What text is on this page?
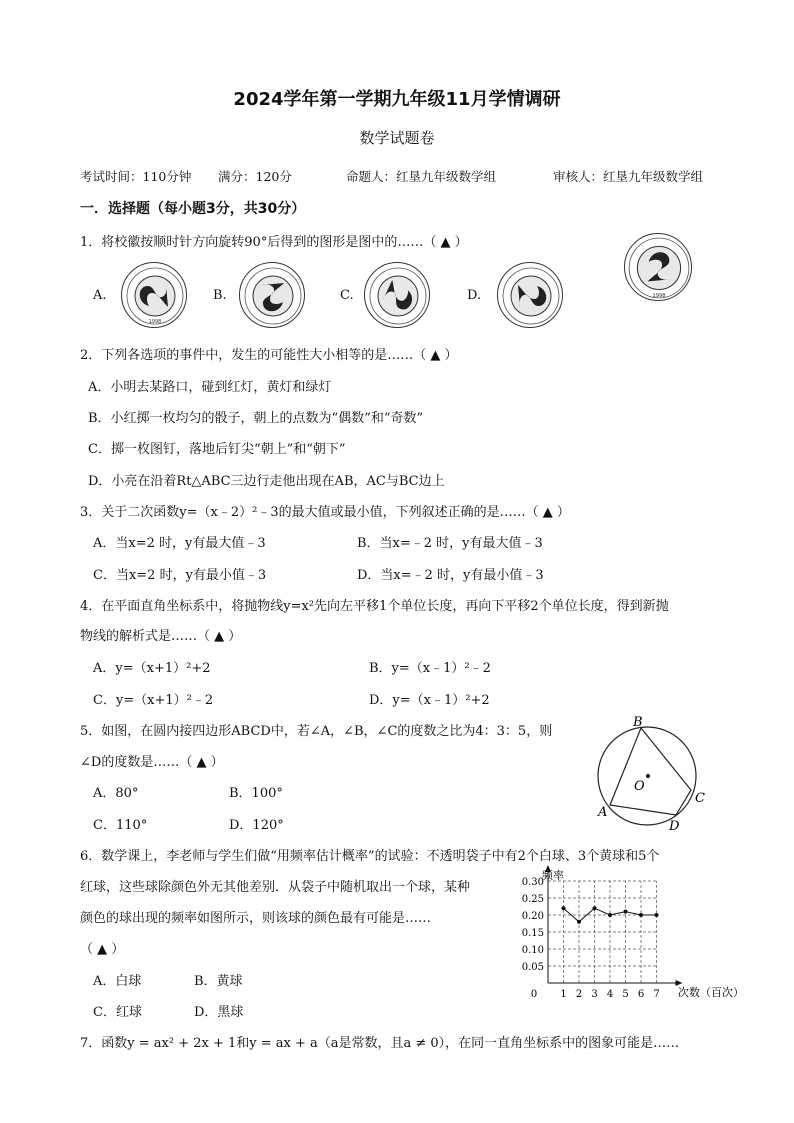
2024学年第一学期九年级11月学情调研
数学试题卷
考试时间：110分钟 满分：120分	命题人：红垦九年级数学组	审核人：红垦九年级数学组
一．选择题（每小题3分，共30分）
1．将校徽按顺时针方向旋转90°后得到的图形是图中的……（ ▲ ）
1998
A.
1998
B.	C.	D.
2．下列各选项的事件中，发生的可能性大小相等的是……（ ▲ ）
A．小明去某路口，碰到红灯，黄灯和绿灯
B．小红掷一枚均匀的骰子，朝上的点数为“偶数”和“奇数”
C．掷一枚图钉，落地后钉尖“朝上”和“朝下”
D．小亮在沿着Rt△ABC三边行走他出现在AB，AC与BC边上
3．关于二次函数y=（x﹣2）²﹣3的最大值或最小值，下列叙述正确的是……（ ▲ ）
A．当x=2 时，y有最大值﹣3	B．当x=﹣2 时，y有最大值﹣3
C．当x=2 时，y有最小值﹣3	D．当x=﹣2 时，y有最小值﹣3
4．在平面直角坐标系中，将抛物线y=x²先向左平移1个单位长度，再向下平移2个单位长度，得到新抛
物线的解析式是……（ ▲ ）
A．y=（x+1）²+2	B．y=（x﹣1）²﹣2
C．y=（x+1）²﹣2	D．y=（x﹣1）²+2
5．如图，在圆内接四边形ABCD中，若∠A，∠B，∠C的度数之比为4：3：5，则
∠D的度数是……（ ▲ ）
A．80°	B．100°
C．110°	D．120°
B
C
A
D
O
6．数学课上，李老师与学生们做“用频率估计概率”的试验：不透明袋子中有2个白球、3个黄球和5个
红球，这些球除颜色外无其他差别．从袋子中随机取出一个球，某种
颜色的球出现的频率如图所示，则该球的颜色最有可能是……
（ ▲ ）
A．白球	B．黄球
C．红球	D．黑球
0.30
0.25
0.20
0.15
0.10
0.05
0 1 2 3 4 5 6 7
频率
次数（百次）
7．函数y = ax² + 2x + 1和y = ax + a（a是常数，且a ≠ 0），在同一直角坐标系中的图象可能是……
